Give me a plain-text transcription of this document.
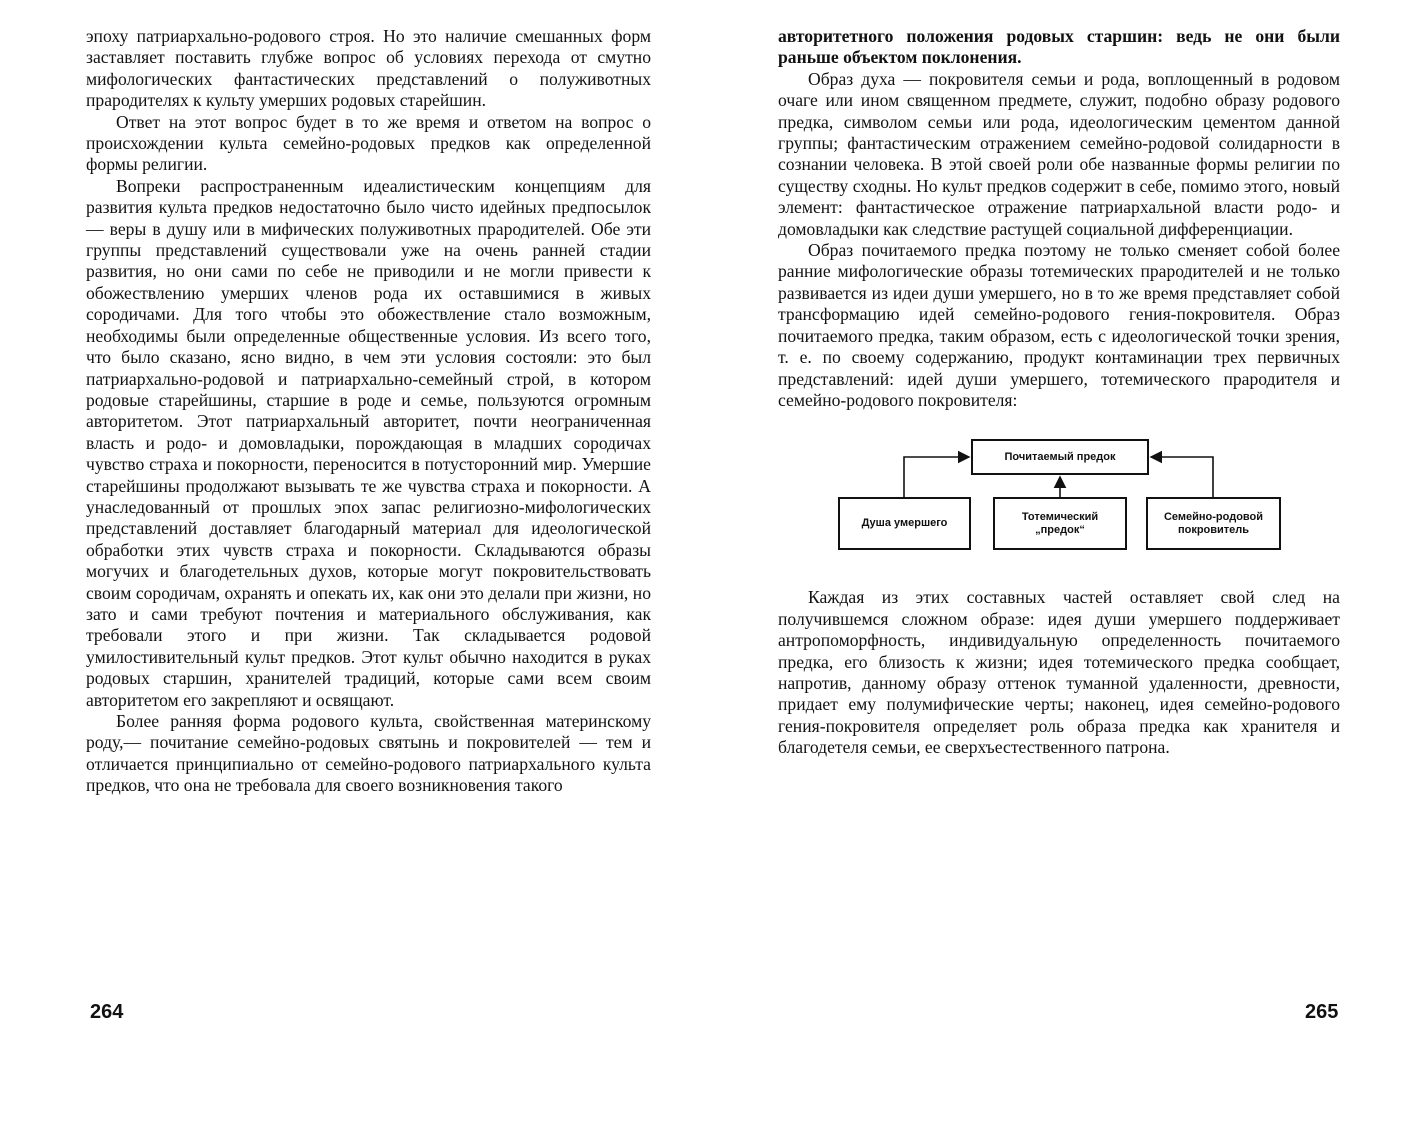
эпоху патриархально-родового строя. Но это наличие смешанных форм заставляет поставить глубже вопрос об условиях перехода от смутно мифологических фантастических представлений о полуживотных прародителях к культу умерших родовых старейшин.

Ответ на этот вопрос будет в то же время и ответом на вопрос о происхождении культа семейно-родовых предков как определенной формы религии.

Вопреки распространенным идеалистическим концепциям для развития культа предков недостаточно было чисто идейных предпосылок — веры в душу или в мифических полуживотных прародителей. Обе эти группы представлений существовали уже на очень ранней стадии развития, но они сами по себе не приводили и не могли привести к обожествлению умерших членов рода их оставшимися в живых сородичами. Для того чтобы это обожествление стало возможным, необходимы были определенные общественные условия. Из всего того, что было сказано, ясно видно, в чем эти условия состояли: это был патриархально-родовой и патриархально-семейный строй, в котором родовые старейшины, старшие в роде и семье, пользуются огромным авторитетом. Этот патриархальный авторитет, почти неограниченная власть и родо- и домовладыки, порождающая в младших сородичах чувство страха и покорности, переносится в потусторонний мир. Умершие старейшины продолжают вызывать те же чувства страха и покорности. А унаследованный от прошлых эпох запас религиозно-мифологических представлений доставляет благодарный материал для идеологической обработки этих чувств страха и покорности. Складываются образы могучих и благодетельных духов, которые могут покровительствовать своим сородичам, охранять и опекать их, как они это делали при жизни, но зато и сами требуют почтения и материального обслуживания, как требовали этого и при жизни. Так складывается родовой умилостивительный культ предков. Этот культ обычно находится в руках родовых старшин, хранителей традиций, которые сами всем своим авторитетом его закрепляют и освящают.

Более ранняя форма родового культа, свойственная материнскому роду,— почитание семейно-родовых святынь и покровителей — тем и отличается принципиально от семейно-родового патриархального культа предков, что она не требовала для своего возникновения такого

264

авторитетного положения родовых старшин: ведь не они были раньше объектом поклонения.

Образ духа — покровителя семьи и рода, воплощенный в родовом очаге или ином священном предмете, служит, подобно образу родового предка, символом семьи или рода, идеологическим цементом данной группы; фантастическим отражением семейно-родовой солидарности в сознании человека. В этой своей роли обе названные формы религии по существу сходны. Но культ предков содержит в себе, помимо этого, новый элемент: фантастическое отражение патриархальной власти родо- и домовладыки как следствие растущей социальной дифференциации.

Образ почитаемого предка поэтому не только сменяет собой более ранние мифологические образы тотемических прародителей и не только развивается из идеи души умершего, но в то же время представляет собой трансформацию идей семейно-родового гения-покровителя. Образ почитаемого предка, таким образом, есть с идеологической точки зрения, т. е. по своему содержанию, продукт контаминации трех первичных представлений: идей души умершего, тотемического прародителя и семейно-родового покровителя:

Почитаемый предок
Душа умершего
Тотемический
„предок“
Семейно-родовой
покровитель

Каждая из этих составных частей оставляет свой след на получившемся сложном образе: идея души умершего поддерживает антропоморфность, индивидуальную определенность почитаемого предка, его близость к жизни; идея тотемического предка сообщает, напротив, данному образу оттенок туманной удаленности, древности, придает ему полумифические черты; наконец, идея семейно-родового гения-покровителя определяет роль образа предка как хранителя и благодетеля семьи, ее сверхъестественного патрона.

265
